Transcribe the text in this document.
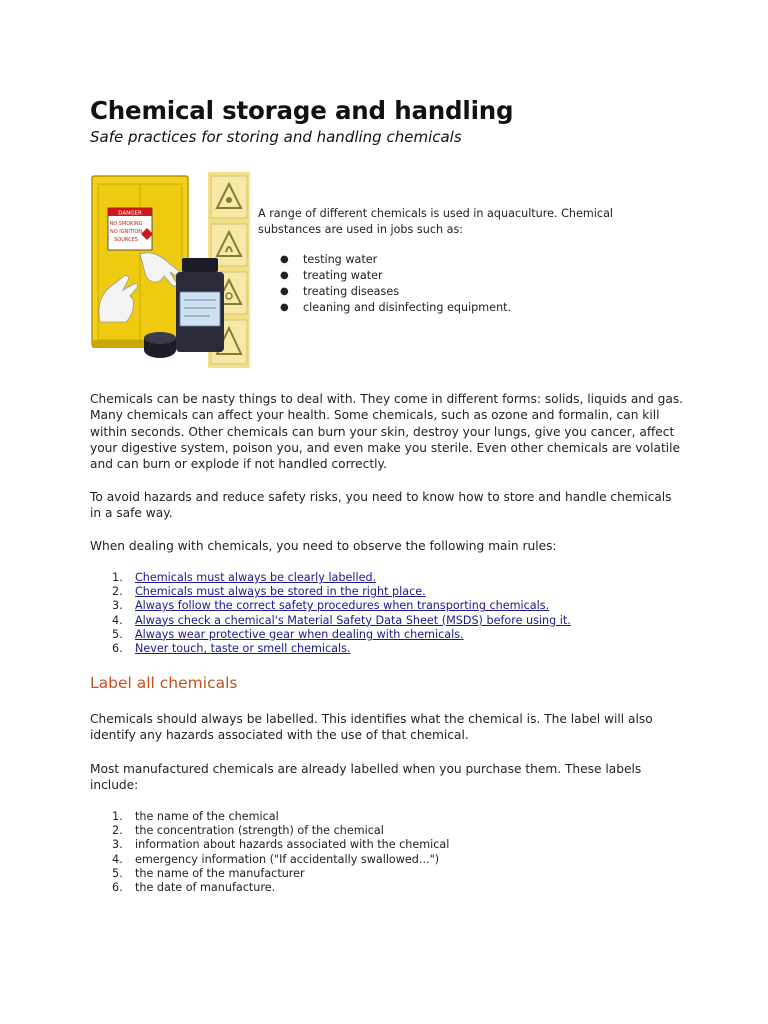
Chemical storage and handling

Safe practices for storing and handling chemicals

DANGER
NO SMOKING
NO IGNITION
SOURCES

A range of different chemicals is used in aquaculture. Chemical substances are used in jobs such as:

● testing water
● treating water
● treating diseases
● cleaning and disinfecting equipment.

Chemicals can be nasty things to deal with. They come in different forms: solids, liquids and gas. Many chemicals can affect your health. Some chemicals, such as ozone and formalin, can kill within seconds. Other chemicals can burn your skin, destroy your lungs, give you cancer, affect your digestive system, poison you, and even make you sterile. Even other chemicals are volatile and can burn or explode if not handled correctly.

To avoid hazards and reduce safety risks, you need to know how to store and handle chemicals in a safe way.

When dealing with chemicals, you need to observe the following main rules:

1. Chemicals must always be clearly labelled.
2. Chemicals must always be stored in the right place.
3. Always follow the correct safety procedures when transporting chemicals.
4. Always check a chemical's Material Safety Data Sheet (MSDS) before using it.
5. Always wear protective gear when dealing with chemicals.
6. Never touch, taste or smell chemicals.
Label all chemicals

Chemicals should always be labelled. This identifies what the chemical is. The label will also identify any hazards associated with the use of that chemical.

Most manufactured chemicals are already labelled when you purchase them. These labels include:

1. the name of the chemical
2. the concentration (strength) of the chemical
3. information about hazards associated with the chemical
4. emergency information ("If accidentally swallowed...")
5. the name of the manufacturer
6. the date of manufacture.
